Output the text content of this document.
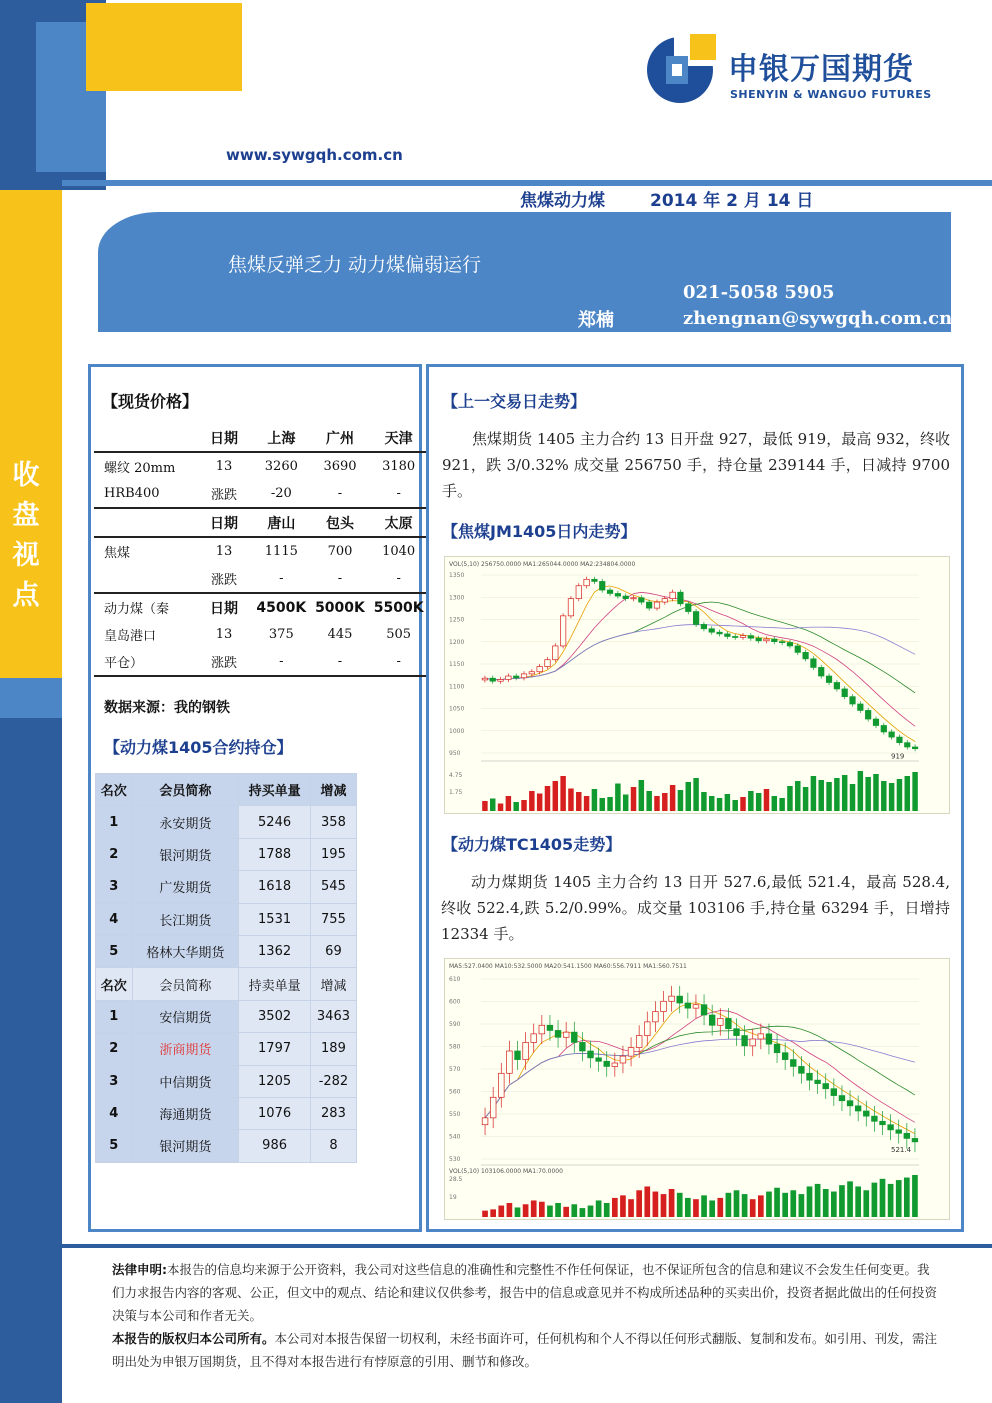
www.sywgqh.com.cn
申银万国期货
SHENYIN & WANGUO FUTURES
收盘视点
焦煤动力煤	2014 年 2 月 14 日
焦煤反弹乏力 动力煤偏弱运行
郑楠
021-5058 5905
zhengnan@sywgqh.com.cn
【现货价格】
	日期	上海	广州	天津
螺纹 20mm	13	3260	3690	3180
HRB400	涨跌	-20	-	-
	日期	唐山	包头	太原
焦煤	13	1115	700	1040
	涨跌	-	-	-
动力煤（秦	日期	4500K	5000K	5500K
皇岛港口	13	375	445	505
平仓）	涨跌	-	-	-
数据来源：我的钢铁
【动力煤1405合约持仓】
名次	会员简称	持买单量	增减
1	永安期货	5246	358
2	银河期货	1788	195
3	广发期货	1618	545
4	长江期货	1531	755
5	格林大华期货	1362	69
名次	会员简称	持卖单量	增减
1	安信期货	3502	3463
2	浙商期货	1797	189
3	中信期货	1205	-282
4	海通期货	1076	283
5	银河期货	986	8
【上一交易日走势】
焦煤期货 1405 主力合约 13 日开盘 927，最低 919，最高 932，终收 921，跌 3/0.32% 成交量 256750 手，持仓量 239144 手，日减持 9700 手。
【焦煤JM1405日内走势】
VOL(5,10) 256750.0000 MA1:265044.0000 MA2:234804.0000
1350
1300
1250
1200
1150
1100
1050
1000
950
4.75
1.75
919
【动力煤TC1405走势】
动力煤期货 1405 主力合约 13 日开 527.6,最低 521.4，最高 528.4,终收 522.4,跌 5.2/0.99%。成交量 103106 手,持仓量 63294 手，日增持 12334 手。
MA5:527.0400 MA10:532.5000 MA20:541.1500 MA60:556.7911 MA1:560.7511
610
600
590
580
570
560
550
540
530
VOL(5,10) 103106.0000 MA1:70.0000
28.5
19
521.4
法律申明:本报告的信息均来源于公开资料，我公司对这些信息的准确性和完整性不作任何保证，也不保证所包含的信息和建议不会发生任何变更。我们力求报告内容的客观、公正，但文中的观点、结论和建议仅供参考，报告中的信息或意见并不构成所述品种的买卖出价，投资者据此做出的任何投资决策与本公司和作者无关。
本报告的版权归本公司所有。本公司对本报告保留一切权利，未经书面许可，任何机构和个人不得以任何形式翻版、复制和发布。如引用、刊发，需注明出处为申银万国期货，且不得对本报告进行有悖原意的引用、删节和修改。
